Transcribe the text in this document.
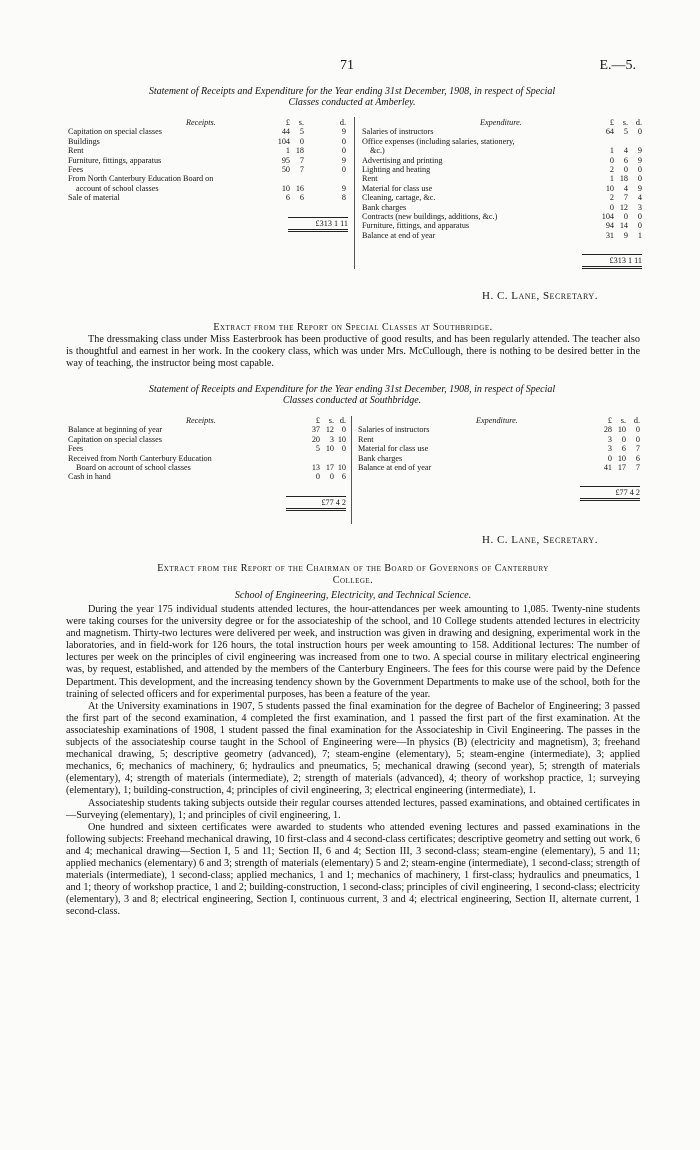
71	E.—5.
Statement of Receipts and Expenditure for the Year ending 31st December, 1908, in respect of Special
Classes conducted at Amberley.
Receipts.	£ s.	d.
Capitation on special classes	44 5	9
Buildings	104 0	0
Rent	1 18	0
Furniture, fittings, apparatus	95 7	9
Fees	50 7	0
From North Canterbury Education Board on
account of school classes	10 16	9
Sale of material	6 6	8
£313 1 11
Expenditure.	£ s. d.
Salaries of instructors	64 5 0
Office expenses (including salaries, stationery,
&c.)	1 4 9
Advertising and printing	0 6 9
Lighting and heating	2 0 0
Rent	1 18 0
Material for class use	10 4 9
Cleaning, cartage, &c.	2 7 4
Bank charges	0 12 3
Contracts (new buildings, additions, &c.)	104 0 0
Furniture, fittings, and apparatus	94 14 0
Balance at end of year	31 9 1
£313 1 11
H. C. Lane, Secretary.
Extract from the Report on Special Classes at Southbridge.

The dressmaking class under Miss Easterbrook has been productive of good results, and has been regularly attended. The teacher also is thoughtful and earnest in her work. In the cookery class, which was under Mrs. McCullough, there is nothing to be desired better in the way of teaching, the instructor being most capable.

Statement of Receipts and Expenditure for the Year ending 31st December, 1908, in respect of Special
Classes conducted at Southbridge.
Receipts.	£ s. d.
Balance at beginning of year	37 12 0
Capitation on special classes	20 3 10
Fees	5 10 0
Received from North Canterbury Education
Board on account of school classes	13 17 10
Cash in hand	0 0 6
£77 4 2
Expenditure.	£ s. d.
Salaries of instructors	28 10 0
Rent	3 0 0
Material for class use	3 6 7
Bank charges	0 10 6
Balance at end of year	41 17 7
£77 4 2
H. C. Lane, Secretary.
Extract from the Report of the Chairman of the Board of Governors of Canterbury
College.
School of Engineering, Electricity, and Technical Science.

During the year 175 individual students attended lectures, the hour-attendances per week amounting to 1,085. Twenty-nine students were taking courses for the university degree or for the associateship of the school, and 10 College students attended lectures in electricity and magnetism. Thirty-two lectures were delivered per week, and instruction was given in drawing and designing, experimental work in the laboratories, and in field-work for 126 hours, the total instruction hours per week amounting to 158. Additional lectures: The number of lectures per week on the principles of civil engineering was increased from one to two. A special course in military electrical engineering was, by request, established, and attended by the members of the Canterbury Engineers. The fees for this course were paid by the Defence Department. This development, and the increasing tendency shown by the Government Departments to make use of the school, both for the training of selected officers and for experimental purposes, has been a feature of the year.

At the University examinations in 1907, 5 students passed the final examination for the degree of Bachelor of Engineering; 3 passed the first part of the second examination, 4 completed the first examination, and 1 passed the first part of the first examination. At the associateship examinations of 1908, 1 student passed the final examination for the Associateship in Civil Engineering. The passes in the subjects of the associateship course taught in the School of Engineering were—In physics (B) (electricity and magnetism), 3; freehand mechanical drawing, 5; descriptive geometry (advanced), 7; steam-engine (elementary), 5; steam-engine (intermediate), 3; applied mechanics, 6; mechanics of machinery, 6; hydraulics and pneumatics, 5; mechanical drawing (second year), 5; strength of materials (elementary), 4; strength of materials (intermediate), 2; strength of materials (advanced), 4; theory of workshop practice, 1; surveying (elementary), 1; building-construction, 4; principles of civil engineering, 3; electrical engineering (intermediate), 1.

Associateship students taking subjects outside their regular courses attended lectures, passed examinations, and obtained certificates in—Surveying (elementary), 1; and principles of civil engineering, 1.

One hundred and sixteen certificates were awarded to students who attended evening lectures and passed examinations in the following subjects: Freehand mechanical drawing, 10 first-class and 4 second-class certificates; descriptive geometry and setting out work, 6 and 4; mechanical drawing—Section I, 5 and 11; Section II, 6 and 4; Section III, 3 second-class; steam-engine (elementary), 5 and 11; applied mechanics (elementary) 6 and 3; strength of materials (elementary) 5 and 2; steam-engine (intermediate), 1 second-class; strength of materials (intermediate), 1 second-class; applied mechanics, 1 and 1; mechanics of machinery, 1 first-class; hydraulics and pneumatics, 1 and 1; theory of workshop practice, 1 and 2; building-construction, 1 second-class; principles of civil engineering, 1 second-class; electricity (elementary), 3 and 8; electrical engineering, Section I, continuous current, 3 and 4; electrical engineering, Section II, alternate current, 1 second-class.
